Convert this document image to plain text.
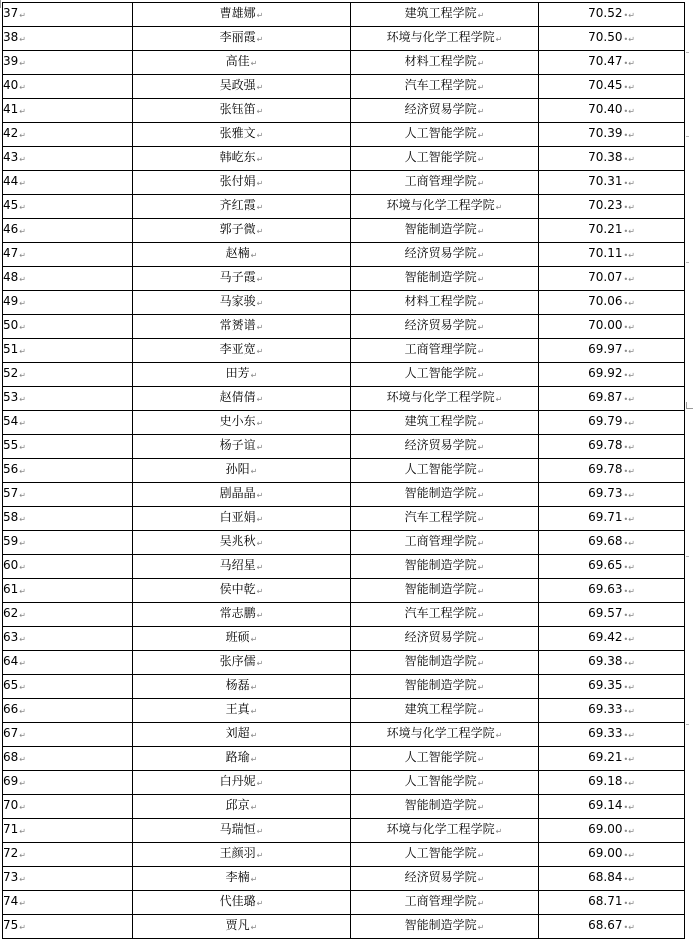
37↵	曹雄娜↵	建筑工程学院↵	70.52•↵
38↵	李丽霞↵	环境与化学工程学院↵	70.50•↵
39↵	高佳↵	材料工程学院↵	70.47•↵
40↵	吴政强↵	汽车工程学院↵	70.45•↵
41↵	张钰笛↵	经济贸易学院↵	70.40•↵
42↵	张雅文↵	人工智能学院↵	70.39•↵
43↵	韩屹东↵	人工智能学院↵	70.38•↵
44↵	张付娟↵	工商管理学院↵	70.31•↵
45↵	齐红霞↵	环境与化学工程学院↵	70.23•↵
46↵	郭子微↵	智能制造学院↵	70.21•↵
47↵	赵楠↵	经济贸易学院↵	70.11•↵
48↵	马子霞↵	智能制造学院↵	70.07•↵
49↵	马家骏↵	材料工程学院↵	70.06•↵
50↵	常赟谱↵	经济贸易学院↵	70.00•↵
51↵	李亚宽↵	工商管理学院↵	69.97•↵
52↵	田芳↵	人工智能学院↵	69.92•↵
53↵	赵倩倩↵	环境与化学工程学院↵	69.87•↵
54↵	史小东↵	建筑工程学院↵	69.79•↵
55↵	杨子谊↵	经济贸易学院↵	69.78•↵
56↵	孙阳↵	人工智能学院↵	69.78•↵
57↵	剧晶晶↵	智能制造学院↵	69.73•↵
58↵	白亚娟↵	汽车工程学院↵	69.71•↵
59↵	吴兆秋↵	工商管理学院↵	69.68•↵
60↵	马绍星↵	智能制造学院↵	69.65•↵
61↵	侯中乾↵	智能制造学院↵	69.63•↵
62↵	常志鹏↵	汽车工程学院↵	69.57•↵
63↵	班硕↵	经济贸易学院↵	69.42•↵
64↵	张序儒↵	智能制造学院↵	69.38•↵
65↵	杨磊↵	智能制造学院↵	69.35•↵
66↵	王真↵	建筑工程学院↵	69.33•↵
67↵	刘超↵	环境与化学工程学院↵	69.33•↵
68↵	路瑜↵	人工智能学院↵	69.21•↵
69↵	白丹妮↵	人工智能学院↵	69.18•↵
70↵	邱京↵	智能制造学院↵	69.14•↵
71↵	马瑞恒↵	环境与化学工程学院↵	69.00•↵
72↵	王颜羽↵	人工智能学院↵	69.00•↵
73↵	李楠↵	经济贸易学院↵	68.84•↵
74↵	代佳璐↵	工商管理学院↵	68.71•↵
75↵	贾凡↵	智能制造学院↵	68.67•↵
